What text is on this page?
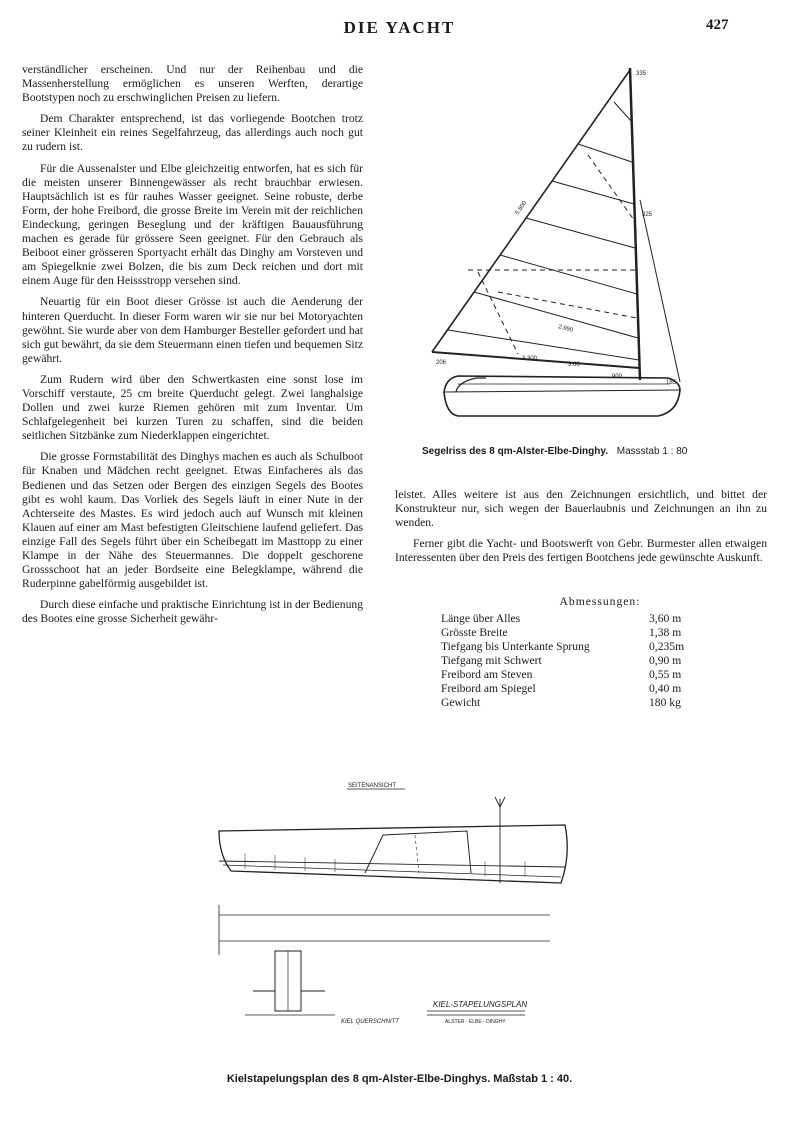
DIE YACHT	427

verständlicher erscheinen. Und nur der Reihenbau und die Massenherstellung ermöglichen es unseren Werften, derartige Bootstypen noch zu erschwinglichen Preisen zu liefern.

Dem Charakter entsprechend, ist das vorliegende Bootchen trotz seiner Kleinheit ein reines Segelfahrzeug, das allerdings auch noch gut zu rudern ist.

Für die Aussenalster und Elbe gleichzeitig entworfen, hat es sich für die meisten unserer Binnengewässer als recht brauchbar erwiesen. Hauptsächlich ist es für rauhes Wasser geeignet. Seine robuste, derbe Form, der hohe Freibord, die grosse Breite im Verein mit der reichlichen Eindeckung, geringen Beseglung und der kräftigen Bauausführung machen es gerade für grössere Seen geeignet. Für den Gebrauch als Beiboot einer grösseren Sportyacht erhält das Dinghy am Vorsteven und am Spiegelknie zwei Bolzen, die bis zum Deck reichen und dort mit einem Auge für den Heissstropp versehen sind.

Neuartig für ein Boot dieser Grösse ist auch die Aenderung der hinteren Querducht. In dieser Form waren wir sie nur bei Motoryachten gewöhnt. Sie wurde aber von dem Hamburger Besteller gefordert und hat sich gut bewährt, da sie dem Steuermann einen tiefen und bequemen Sitz gewährt.

Zum Rudern wird über den Schwertkasten eine sonst lose im Vorschiff verstaute, 25 cm breite Querducht gelegt. Zwei langhalsige Dollen und zwei kurze Riemen gehören mit zum Inventar. Um Schlafgelegenheit bei kurzen Turen zu schaffen, sind die beiden seitlichen Sitzbänke zum Niederklappen eingerichtet.

Die grosse Formstabilität des Dinghys machen es auch als Schulboot für Knaben und Mädchen recht geeignet. Etwas Einfacheres als das Bedienen und das Setzen oder Bergen des einzigen Segels des Bootes gibt es wohl kaum. Das Vorliek des Segels läuft in einer Nute in der Achterseite des Mastes. Es wird jedoch auch auf Wunsch mit kleinen Klauen auf einer am Mast befestigten Gleitschiene laufend geliefert. Das einzige Fall des Segels führt über ein Scheibegatt im Masttopp zu einer Klampe in der Nähe des Steuermannes. Die doppelt geschorene Grossschoot hat an jeder Bordseite eine Belegklampe, während die Ruderpinne gabelförmig ausgebildet ist.

Durch diese einfache und praktische Einrichtung ist in der Bedienung des Bootes eine grosse Sicherheit gewähr-

335
325
5.800
2.990
3.300
3.60
206
900
185
Segelriss des 8 qm-Alster-Elbe-Dinghy. Massstab 1 : 80

leistet. Alles weitere ist aus den Zeichnungen ersichtlich, und bittet der Konstrukteur nur, sich wegen der Bauerlaubnis und Zeichnungen an ihn zu wenden.

Ferner gibt die Yacht- und Bootswerft von Gebr. Burmester allen etwaigen Interessenten über den Preis des fertigen Bootchens jede gewünschte Auskunft.

Abmessungen:
Länge über Alles	3,60 m
Grösste Breite	1,38 m
Tiefgang bis Unterkante Sprung	0,235m
Tiefgang mit Schwert	0,90 m
Freibord am Steven	0,55 m
Freibord am Spiegel	0,40 m
Gewicht	180 kg
SEITENANSICHT
KIEL-STAPELUNGSPLAN
ALSTER - ELBE - DINGHY
KIEL QUERSCHNITT
Kielstapelungsplan des 8 qm-Alster-Elbe-Dinghys. Maßstab 1 : 40.
